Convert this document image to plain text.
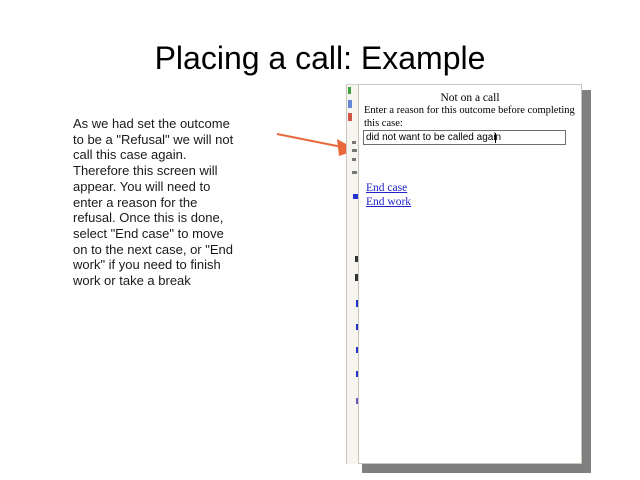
Placing a call: Example
As we had set the outcome
to be a "Refusal" we will not
call this case again.
Therefore this screen will
appear. You will need to
enter a reason for the
refusal. Once this is done,
select "End case" to move
on to the next case, or "End
work" if you need to finish
work or take a break
Not on a call
Enter a reason for this outcome before completing this case:
did not want to be called again
End case
End work
